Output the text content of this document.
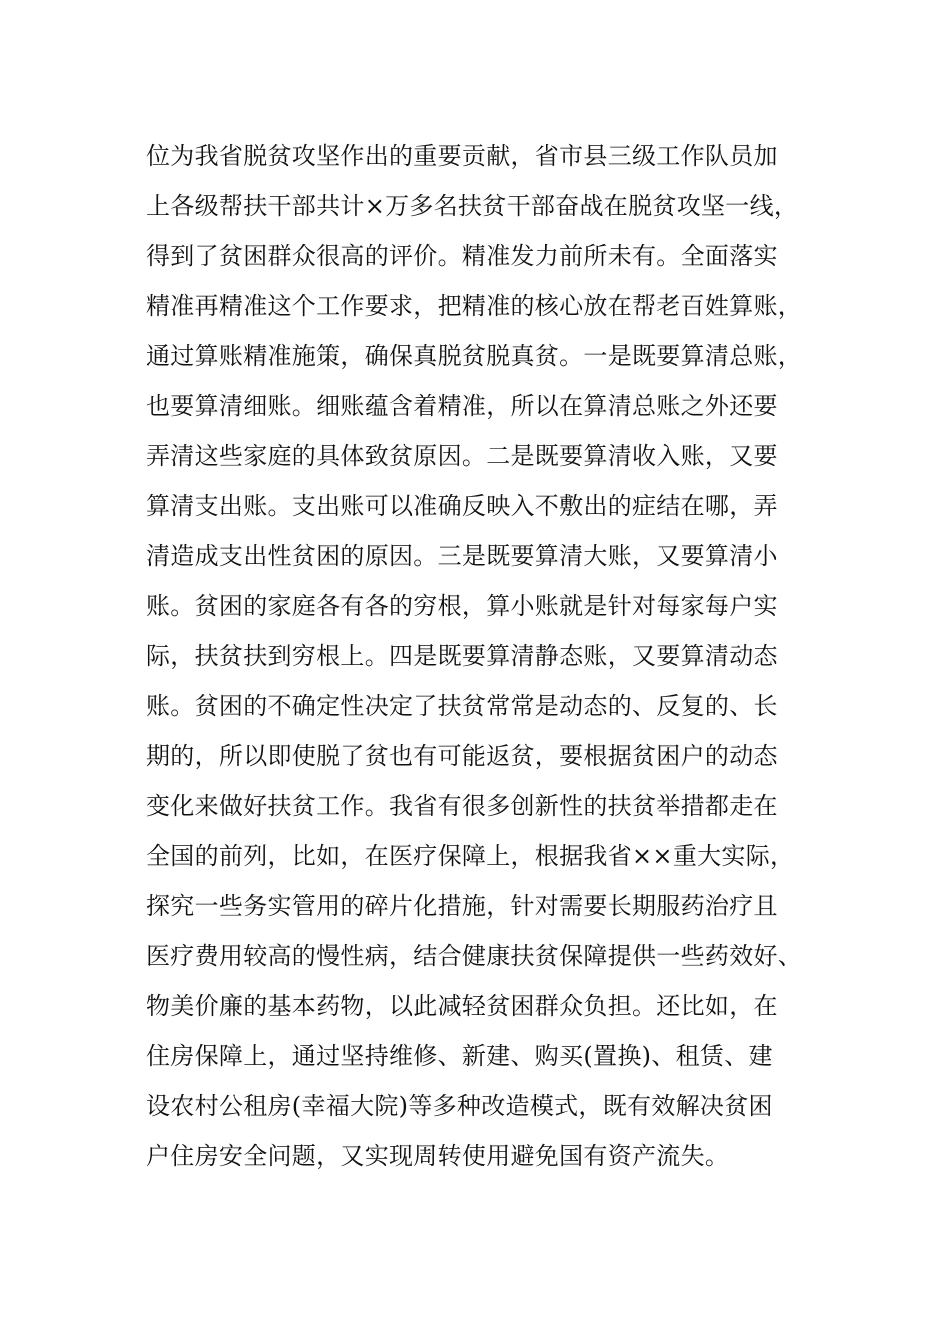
位为我省脱贫攻坚作出的重要贡献，省市县三级工作队员加
上各级帮扶干部共计×万多名扶贫干部奋战在脱贫攻坚一线，
得到了贫困群众很高的评价。精准发力前所未有。全面落实
精准再精准这个工作要求，把精准的核心放在帮老百姓算账，
通过算账精准施策，确保真脱贫脱真贫。一是既要算清总账，
也要算清细账。细账蕴含着精准，所以在算清总账之外还要
弄清这些家庭的具体致贫原因。二是既要算清收入账，又要
算清支出账。支出账可以准确反映入不敷出的症结在哪，弄
清造成支出性贫困的原因。三是既要算清大账，又要算清小
账。贫困的家庭各有各的穷根，算小账就是针对每家每户实
际，扶贫扶到穷根上。四是既要算清静态账，又要算清动态
账。贫困的不确定性决定了扶贫常常是动态的、反复的、长
期的，所以即使脱了贫也有可能返贫，要根据贫困户的动态
变化来做好扶贫工作。我省有很多创新性的扶贫举措都走在
全国的前列，比如，在医疗保障上，根据我省××重大实际，
探究一些务实管用的碎片化措施，针对需要长期服药治疗且
医疗费用较高的慢性病，结合健康扶贫保障提供一些药效好、
物美价廉的基本药物，以此减轻贫困群众负担。还比如，在
住房保障上，通过坚持维修、新建、购买(置换)、租赁、建
设农村公租房(幸福大院)等多种改造模式，既有效解决贫困
户住房安全问题，又实现周转使用避免国有资产流失。
